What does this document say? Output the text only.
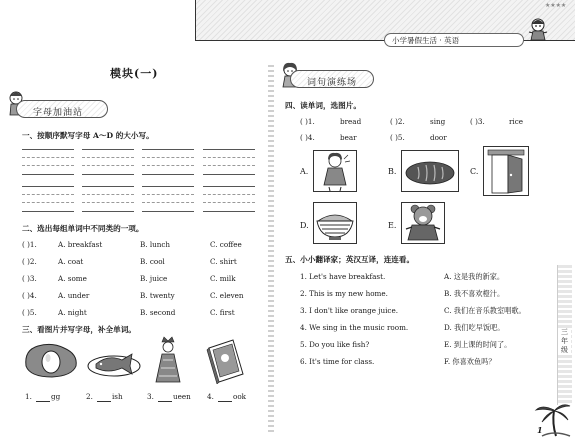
小学暑假生活 · 英语
★ ★ ★ ★
模块(一)
字母加油站
一、按顺序默写字母 A～D 的大小写。
二、选出每组单词中不同类的一项。
( )1.	A. breakfast	B. lunch	C. coffee
( )2.	A. coat	B. cool	C. shirt
( )3.	A. some	B. juice	C. milk
( )4.	A. under	B. twenty	C. eleven
( )5.	A. night	B. second	C. first
三、看图片并写字母，补全单词。
1.	gg	2.	ish	3.	ueen 4.	ook
词句演练场
四、读单词，选图片。
( )1.	bread	( )2.	sing	( )3.	rice
( )4.	bear	( )5.	door
A.	B.	C.
D.	E.
五、小小翻译家；英汉互译，连连看。
1. Let's have breakfast.
2. This is my new home.
3. I don't like orange juice.
4. We sing in the music room.
5. Do you like fish?
6. It's time for class.
A. 这是我的新家。
B. 我不喜欢橙汁。
C. 我们在音乐教室唱歌。
D. 我们吃早饭吧。
E. 到上课的时间了。
F. 你喜欢鱼吗？
三年级
1
